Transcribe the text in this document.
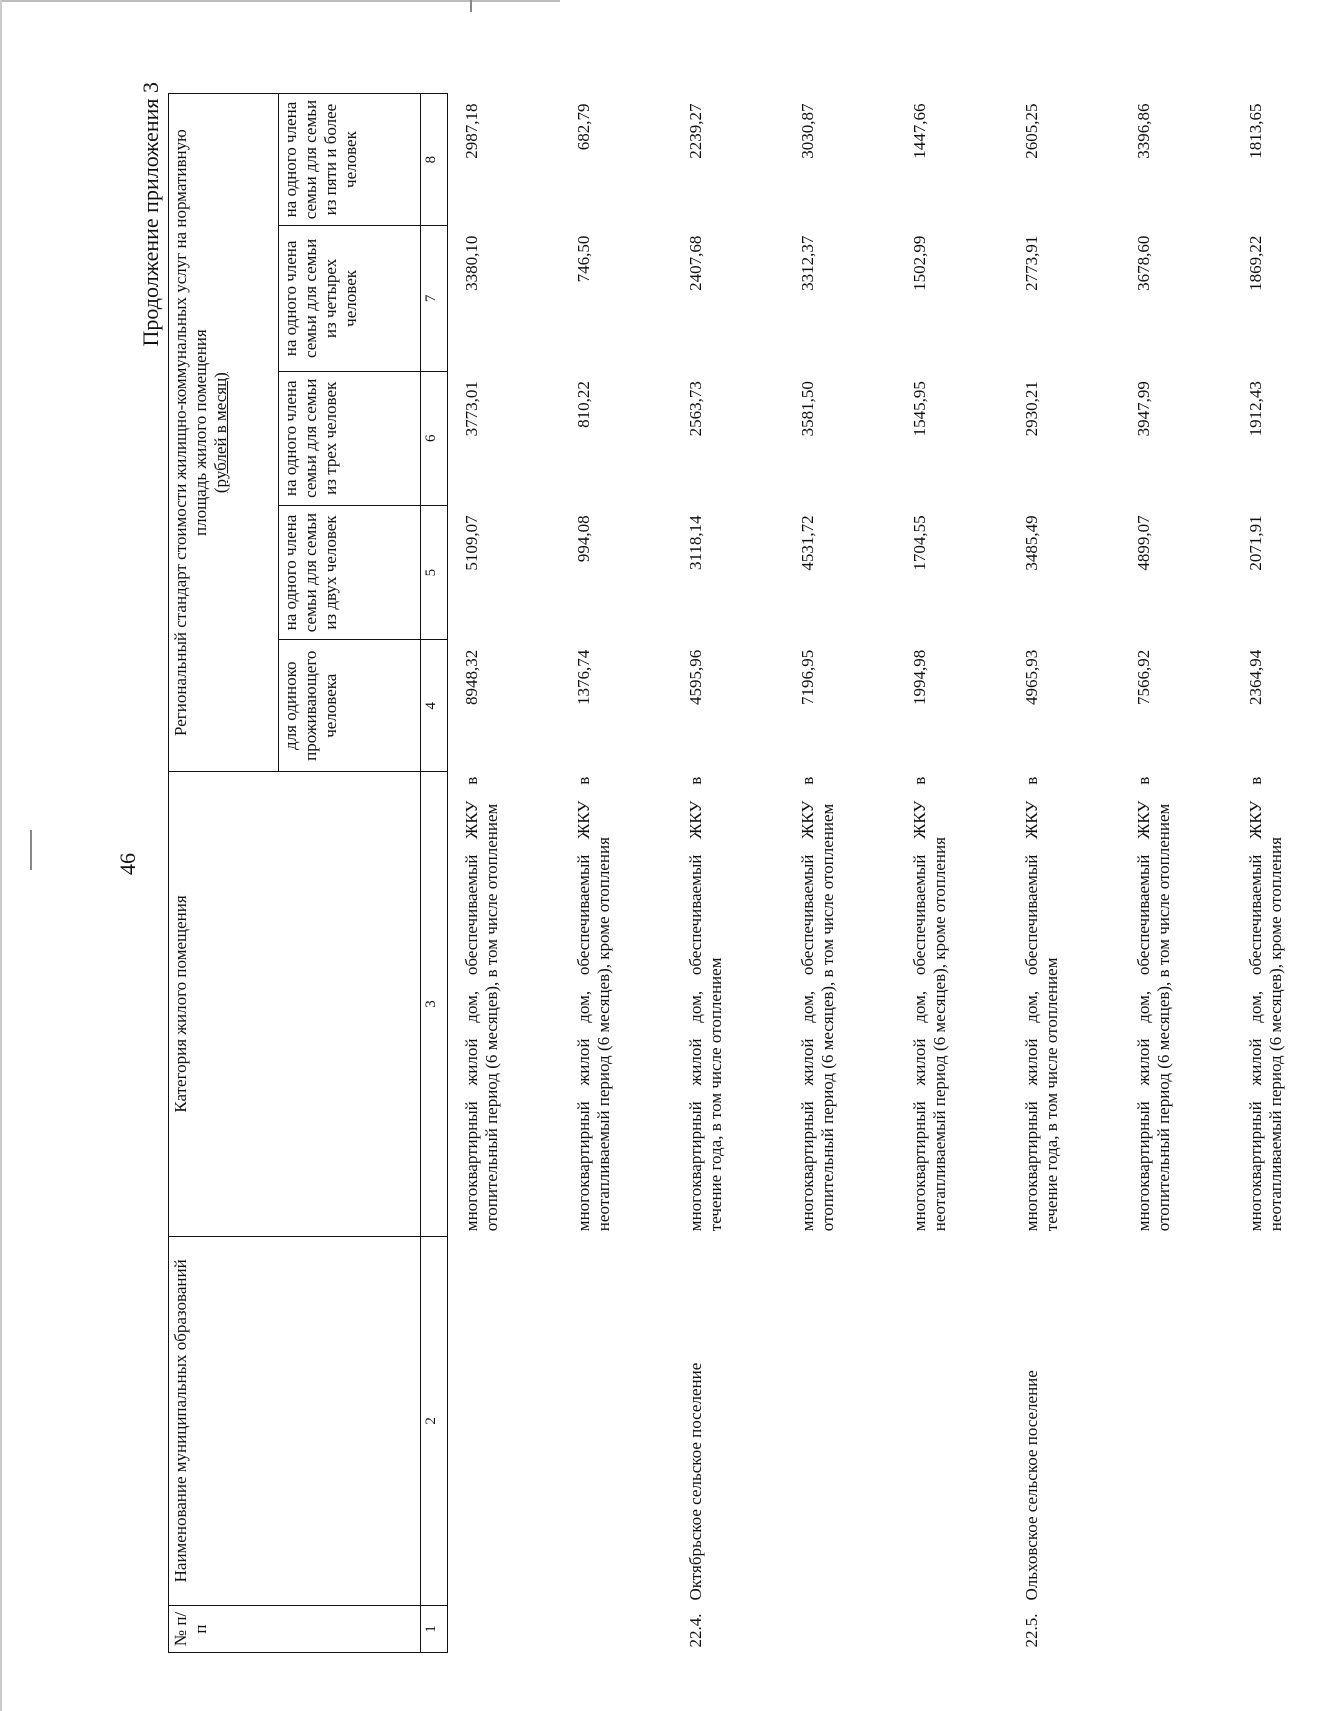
46
Продолжение приложения 3
№ п/п	Наименование муниципальных образований	Категория жилого помещения	Региональный стандарт стоимости жилищно-коммунальных услуг на нормативную площадь жилого помещения (рублей в месяц)				

			для одиноко проживающего человека	на одного члена семьи для семьи из двух человек	на одного члена семьи для семьи из трех человек	на одного члена семьи для семьи из четырех человек	на одного члена семьи для семьи из пяти и более человек
1	2	3	4	5	6	7	8
		многоквартирный жилой дом, обеспечиваемый ЖКУ в отопительный период (6 месяцев), в том числе отоплением	8948,32	5109,07	3773,01	3380,10	2987,18
		многоквартирный жилой дом, обеспечиваемый ЖКУ в неотапливаемый период (6 месяцев), кроме отопления	1376,74	994,08	810,22	746,50	682,79
22.4.	Октябрьское сельское поселение	многоквартирный жилой дом, обеспечиваемый ЖКУ в течение года, в том числе отоплением	4595,96	3118,14	2563,73	2407,68	2239,27
		многоквартирный жилой дом, обеспечиваемый ЖКУ в отопительный период (6 месяцев), в том числе отоплением	7196,95	4531,72	3581,50	3312,37	3030,87
		многоквартирный жилой дом, обеспечиваемый ЖКУ в неотапливаемый период (6 месяцев), кроме отопления	1994,98	1704,55	1545,95	1502,99	1447,66
22.5.	Ольховское сельское поселение	многоквартирный жилой дом, обеспечиваемый ЖКУ в течение года, в том числе отоплением	4965,93	3485,49	2930,21	2773,91	2605,25
		многоквартирный жилой дом, обеспечиваемый ЖКУ в отопительный период (6 месяцев), в том числе отоплением	7566,92	4899,07	3947,99	3678,60	3396,86
		многоквартирный жилой дом, обеспечиваемый ЖКУ в неотапливаемый период (6 месяцев), кроме отопления	2364,94	2071,91	1912,43	1869,22	1813,65
